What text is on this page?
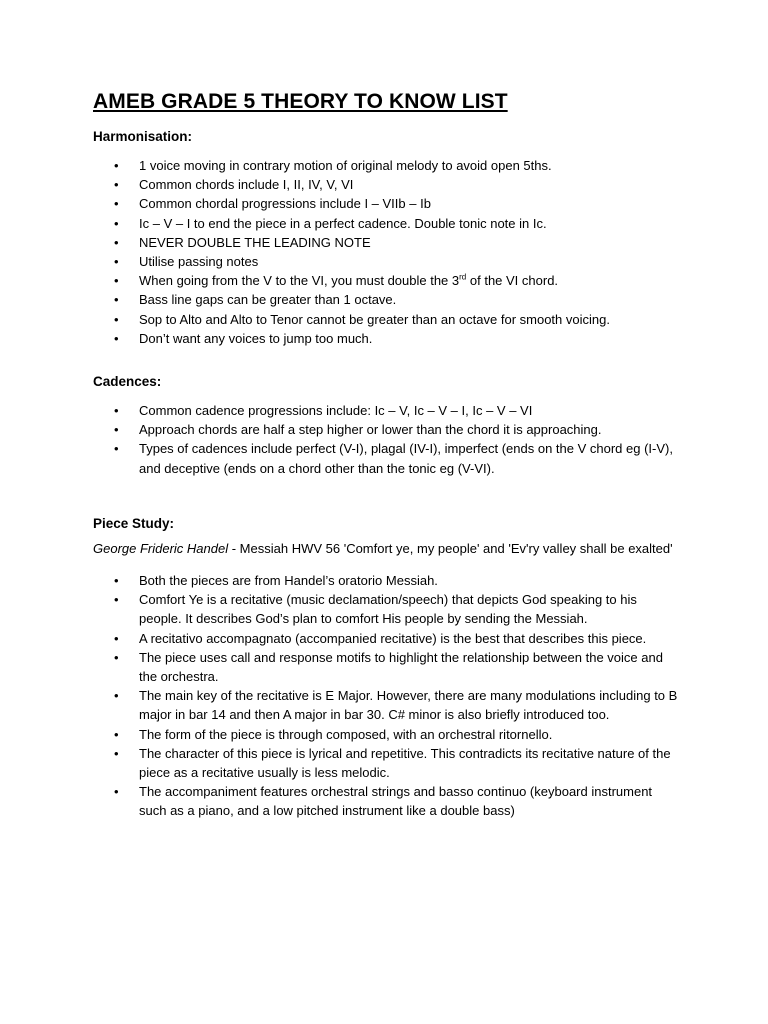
AMEB GRADE 5 THEORY TO KNOW LIST
Harmonisation:
• 1 voice moving in contrary motion of original melody to avoid open 5ths.
• Common chords include I, II, IV, V, VI
• Common chordal progressions include I – VIIb – Ib
• Ic – V – I to end the piece in a perfect cadence. Double tonic note in Ic.
• NEVER DOUBLE THE LEADING NOTE
• Utilise passing notes
• When going from the V to the VI, you must double the 3rd of the VI chord.
• Bass line gaps can be greater than 1 octave.
• Sop to Alto and Alto to Tenor cannot be greater than an octave for smooth voicing.
• Don’t want any voices to jump too much.
Cadences:
• Common cadence progressions include: Ic – V, Ic – V – I, Ic – V – VI
• Approach chords are half a step higher or lower than the chord it is approaching.
• Types of cadences include perfect (V-I), plagal (IV-I), imperfect (ends on the V chord eg (I-V), and deceptive (ends on a chord other than the tonic eg (V-VI).
Piece Study:

George Frideric Handel - Messiah HWV 56 'Comfort ye, my people' and 'Ev'ry valley shall be exalted'

• Both the pieces are from Handel’s oratorio Messiah.
• Comfort Ye is a recitative (music declamation/speech) that depicts God speaking to his people. It describes God’s plan to comfort His people by sending the Messiah.
• A recitativo accompagnato (accompanied recitative) is the best that describes this piece.
• The piece uses call and response motifs to highlight the relationship between the voice and the orchestra.
• The main key of the recitative is E Major. However, there are many modulations including to B major in bar 14 and then A major in bar 30. C# minor is also briefly introduced too.
• The form of the piece is through composed, with an orchestral ritornello.
• The character of this piece is lyrical and repetitive. This contradicts its recitative nature of the piece as a recitative usually is less melodic.
• The accompaniment features orchestral strings and basso continuo (keyboard instrument such as a piano, and a low pitched instrument like a double bass)
